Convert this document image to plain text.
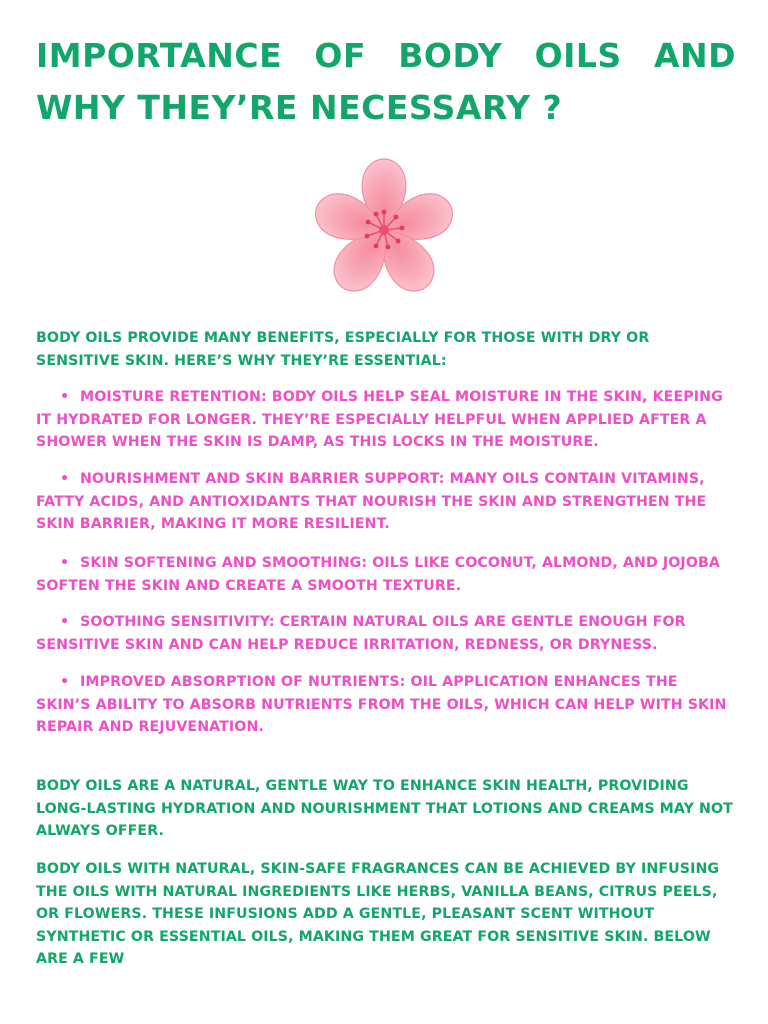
IMPORTANCE OF BODY OILS AND WHY THEY’RE NECESSARY ?

BODY OILS PROVIDE MANY BENEFITS, ESPECIALLY FOR THOSE WITH DRY OR SENSITIVE SKIN. HERE’S WHY THEY’RE ESSENTIAL:

• MOISTURE RETENTION: BODY OILS HELP SEAL MOISTURE IN THE SKIN, KEEPING IT HYDRATED FOR LONGER. THEY’RE ESPECIALLY HELPFUL WHEN APPLIED AFTER A SHOWER WHEN THE SKIN IS DAMP, AS THIS LOCKS IN THE MOISTURE.

• NOURISHMENT AND SKIN BARRIER SUPPORT: MANY OILS CONTAIN VITAMINS, FATTY ACIDS, AND ANTIOXIDANTS THAT NOURISH THE SKIN AND STRENGTHEN THE SKIN BARRIER, MAKING IT MORE RESILIENT.

• SKIN SOFTENING AND SMOOTHING: OILS LIKE COCONUT, ALMOND, AND JOJOBA SOFTEN THE SKIN AND CREATE A SMOOTH TEXTURE.

• SOOTHING SENSITIVITY: CERTAIN NATURAL OILS ARE GENTLE ENOUGH FOR SENSITIVE SKIN AND CAN HELP REDUCE IRRITATION, REDNESS, OR DRYNESS.

• IMPROVED ABSORPTION OF NUTRIENTS: OIL APPLICATION ENHANCES THE SKIN’S ABILITY TO ABSORB NUTRIENTS FROM THE OILS, WHICH CAN HELP WITH SKIN REPAIR AND REJUVENATION.

BODY OILS ARE A NATURAL, GENTLE WAY TO ENHANCE SKIN HEALTH, PROVIDING LONG-LASTING HYDRATION AND NOURISHMENT THAT LOTIONS AND CREAMS MAY NOT ALWAYS OFFER.

BODY OILS WITH NATURAL, SKIN-SAFE FRAGRANCES CAN BE ACHIEVED BY INFUSING THE OILS WITH NATURAL INGREDIENTS LIKE HERBS, VANILLA BEANS, CITRUS PEELS, OR FLOWERS. THESE INFUSIONS ADD A GENTLE, PLEASANT SCENT WITHOUT SYNTHETIC OR ESSENTIAL OILS, MAKING THEM GREAT FOR SENSITIVE SKIN. BELOW ARE A FEW
